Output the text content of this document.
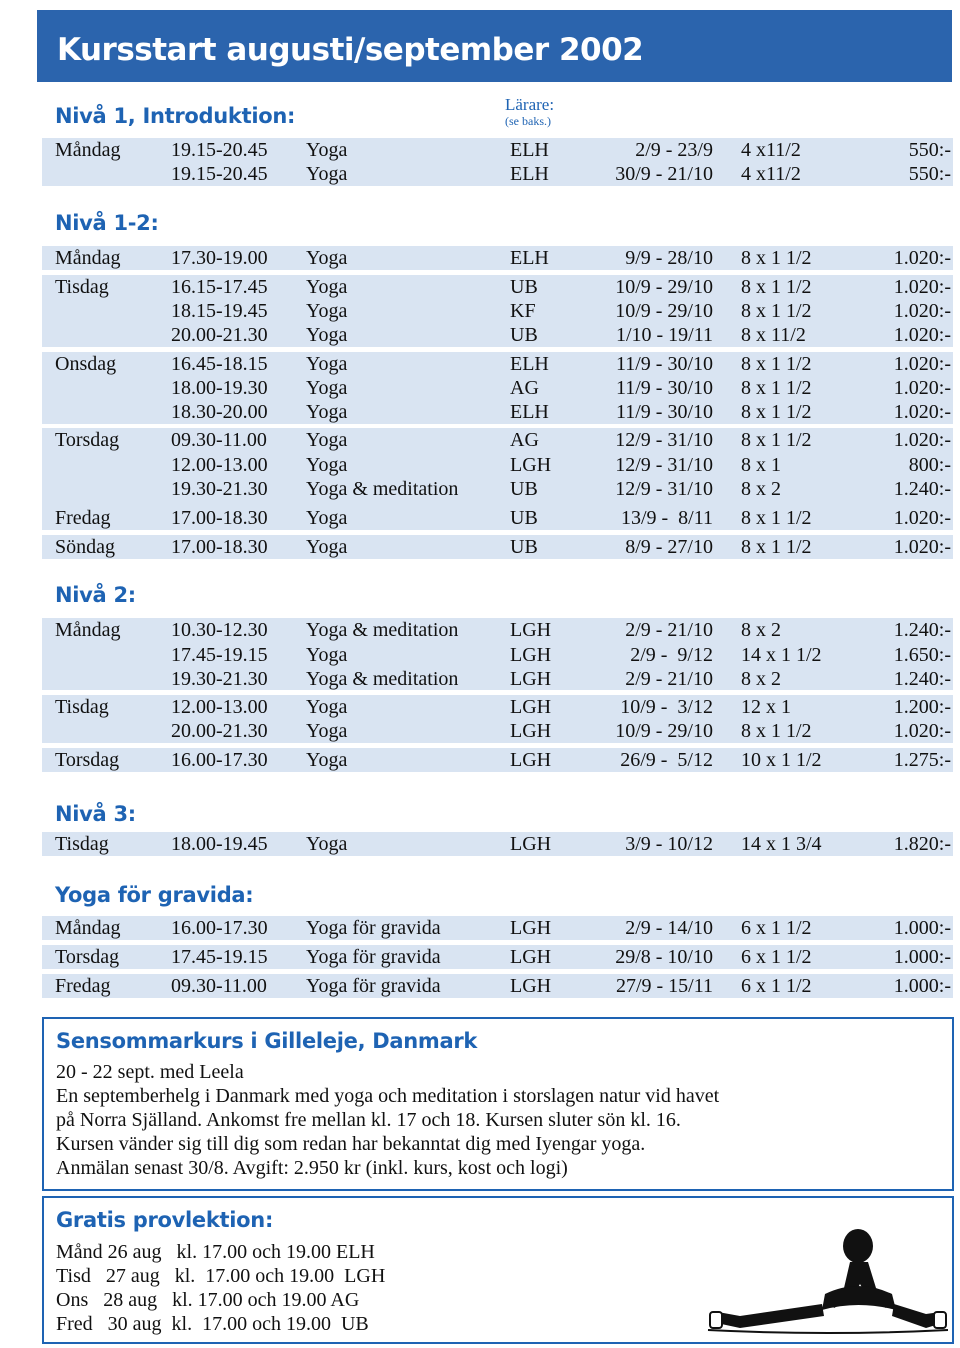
Kursstart augusti/september 2002
Lärare:
(se baks.)
Nivå 1, Introduktion:
Måndag	19.15-20.45 Yoga	ELH	2/9 - 23/9 4 x11/2	550:-
19.15-20.45 Yoga	ELH	30/9 - 21/10 4 x11/2	550:-
Nivå 1-2:
Måndag	17.30-19.00 Yoga	ELH	9/9 - 28/10 8 x 1 1/2	1.020:-
Tisdag	16.15-17.45 Yoga	UB	10/9 - 29/10 8 x 1 1/2	1.020:-
18.15-19.45 Yoga	KF	10/9 - 29/10 8 x 1 1/2	1.020:-
20.00-21.30 Yoga	UB	1/10 - 19/11 8 x 11/2	1.020:-
Onsdag	16.45-18.15 Yoga	ELH	11/9 - 30/10 8 x 1 1/2	1.020:-
18.00-19.30 Yoga	AG	11/9 - 30/10 8 x 1 1/2	1.020:-
18.30-20.00 Yoga	ELH	11/9 - 30/10 8 x 1 1/2	1.020:-
Torsdag	09.30-11.00 Yoga	AG	12/9 - 31/10 8 x 1 1/2	1.020:-
12.00-13.00 Yoga	LGH	12/9 - 31/10 8 x 1	800:-
19.30-21.30 Yoga & meditation	UB	12/9 - 31/10 8 x 2	1.240:-
Fredag	17.00-18.30 Yoga	UB	13/9 -  8/11 8 x 1 1/2	1.020:-
Söndag	17.00-18.30 Yoga	UB	8/9 - 27/10 8 x 1 1/2	1.020:-
Nivå 2:
Måndag	10.30-12.30 Yoga & meditation	LGH	2/9 - 21/10 8 x 2	1.240:-
17.45-19.15 Yoga	LGH	2/9 -  9/12 14 x 1 1/2	1.650:-
19.30-21.30 Yoga & meditation	LGH	2/9 - 21/10 8 x 2	1.240:-
Tisdag	12.00-13.00 Yoga	LGH	10/9 -  3/12 12 x 1	1.200:-
20.00-21.30 Yoga	LGH	10/9 - 29/10 8 x 1 1/2	1.020:-
Torsdag	16.00-17.30 Yoga	LGH	26/9 -  5/12 10 x 1 1/2	1.275:-
Nivå 3:
Tisdag	18.00-19.45 Yoga	LGH	3/9 - 10/12 14 x 1 3/4	1.820:-
Yoga för gravida:
Måndag	16.00-17.30 Yoga för gravida	LGH	2/9 - 14/10 6 x 1 1/2	1.000:-
Torsdag	17.45-19.15 Yoga för gravida	LGH	29/8 - 10/10 6 x 1 1/2	1.000:-
Fredag	09.30-11.00 Yoga för gravida	LGH	27/9 - 15/11 6 x 1 1/2	1.000:-
Sensommarkurs i Gilleleje, Danmark
20 - 22 sept. med Leela
En septemberhelg i Danmark med yoga och meditation i storslagen natur vid havet
på Norra Själland. Ankomst fre mellan kl. 17 och 18. Kursen sluter sön kl. 16.
Kursen vänder sig till dig som redan har bekanntat dig med Iyengar yoga.
Anmälan senast 30/8. Avgift: 2.950 kr (inkl. kurs, kost och logi)
Gratis provlektion:
Månd 26 aug   kl. 17.00 och 19.00 ELH
Tisd   27 aug   kl.  17.00 och 19.00  LGH
Ons   28 aug   kl. 17.00 och 19.00 AG
Fred   30 aug  kl.  17.00 och 19.00  UB
